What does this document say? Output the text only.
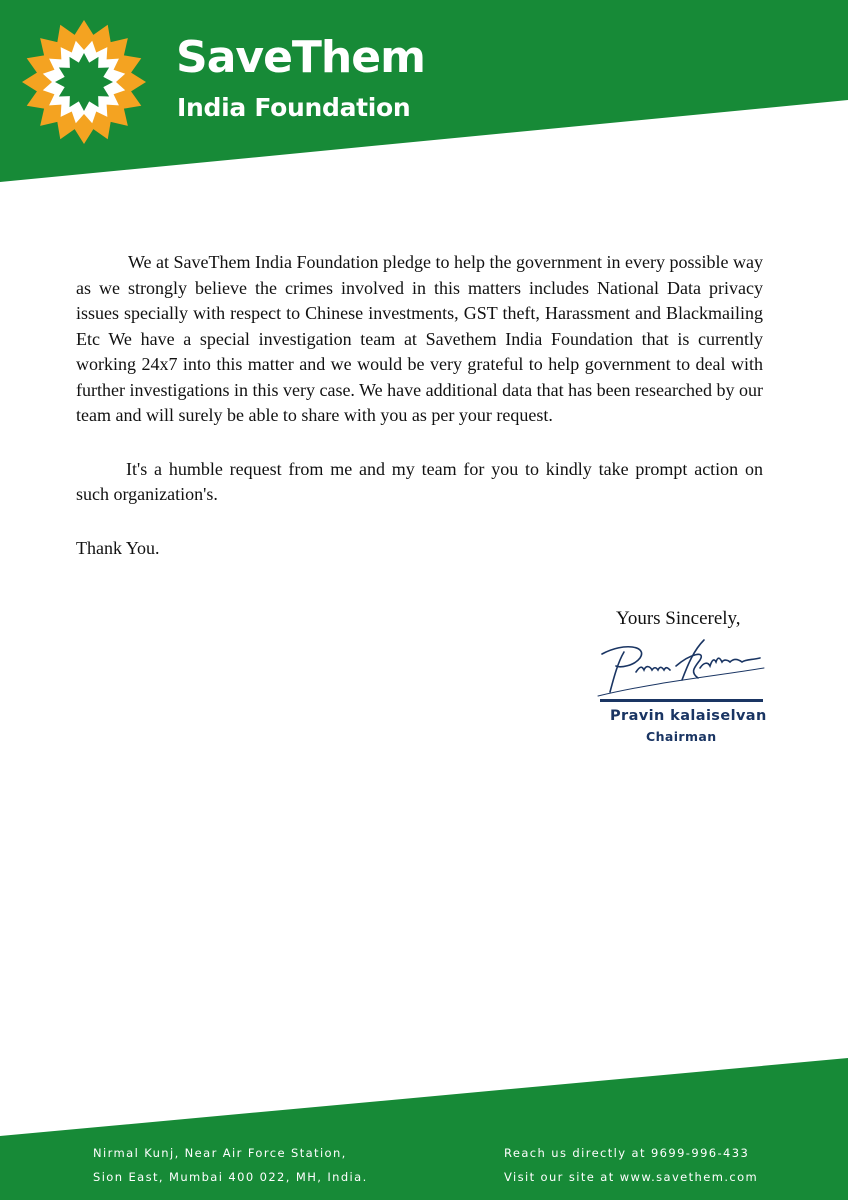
SaveThem
India Foundation

We at SaveThem India Foundation pledge to help the government in every possible way as we strongly believe the crimes involved in this matters includes National Data privacy issues specially with respect to Chinese investments, GST theft, Harassment and Blackmailing Etc We have a special investigation team at Savethem India Foundation that is currently working 24x7 into this matter and we would be very grateful to help government to deal with further investigations in this very case. We have additional data that has been researched by our team and will surely be able to share with you as per your request.

It's a humble request from me and my team for you to kindly take prompt action on such organization's.

Thank You.

Yours Sincerely,
Pravin kalaiselvan
Chairman
Nirmal Kunj, Near Air Force Station,
Sion East, Mumbai 400 022, MH, India.
Reach us directly at 9699-996-433
Visit our site at www.savethem.com
